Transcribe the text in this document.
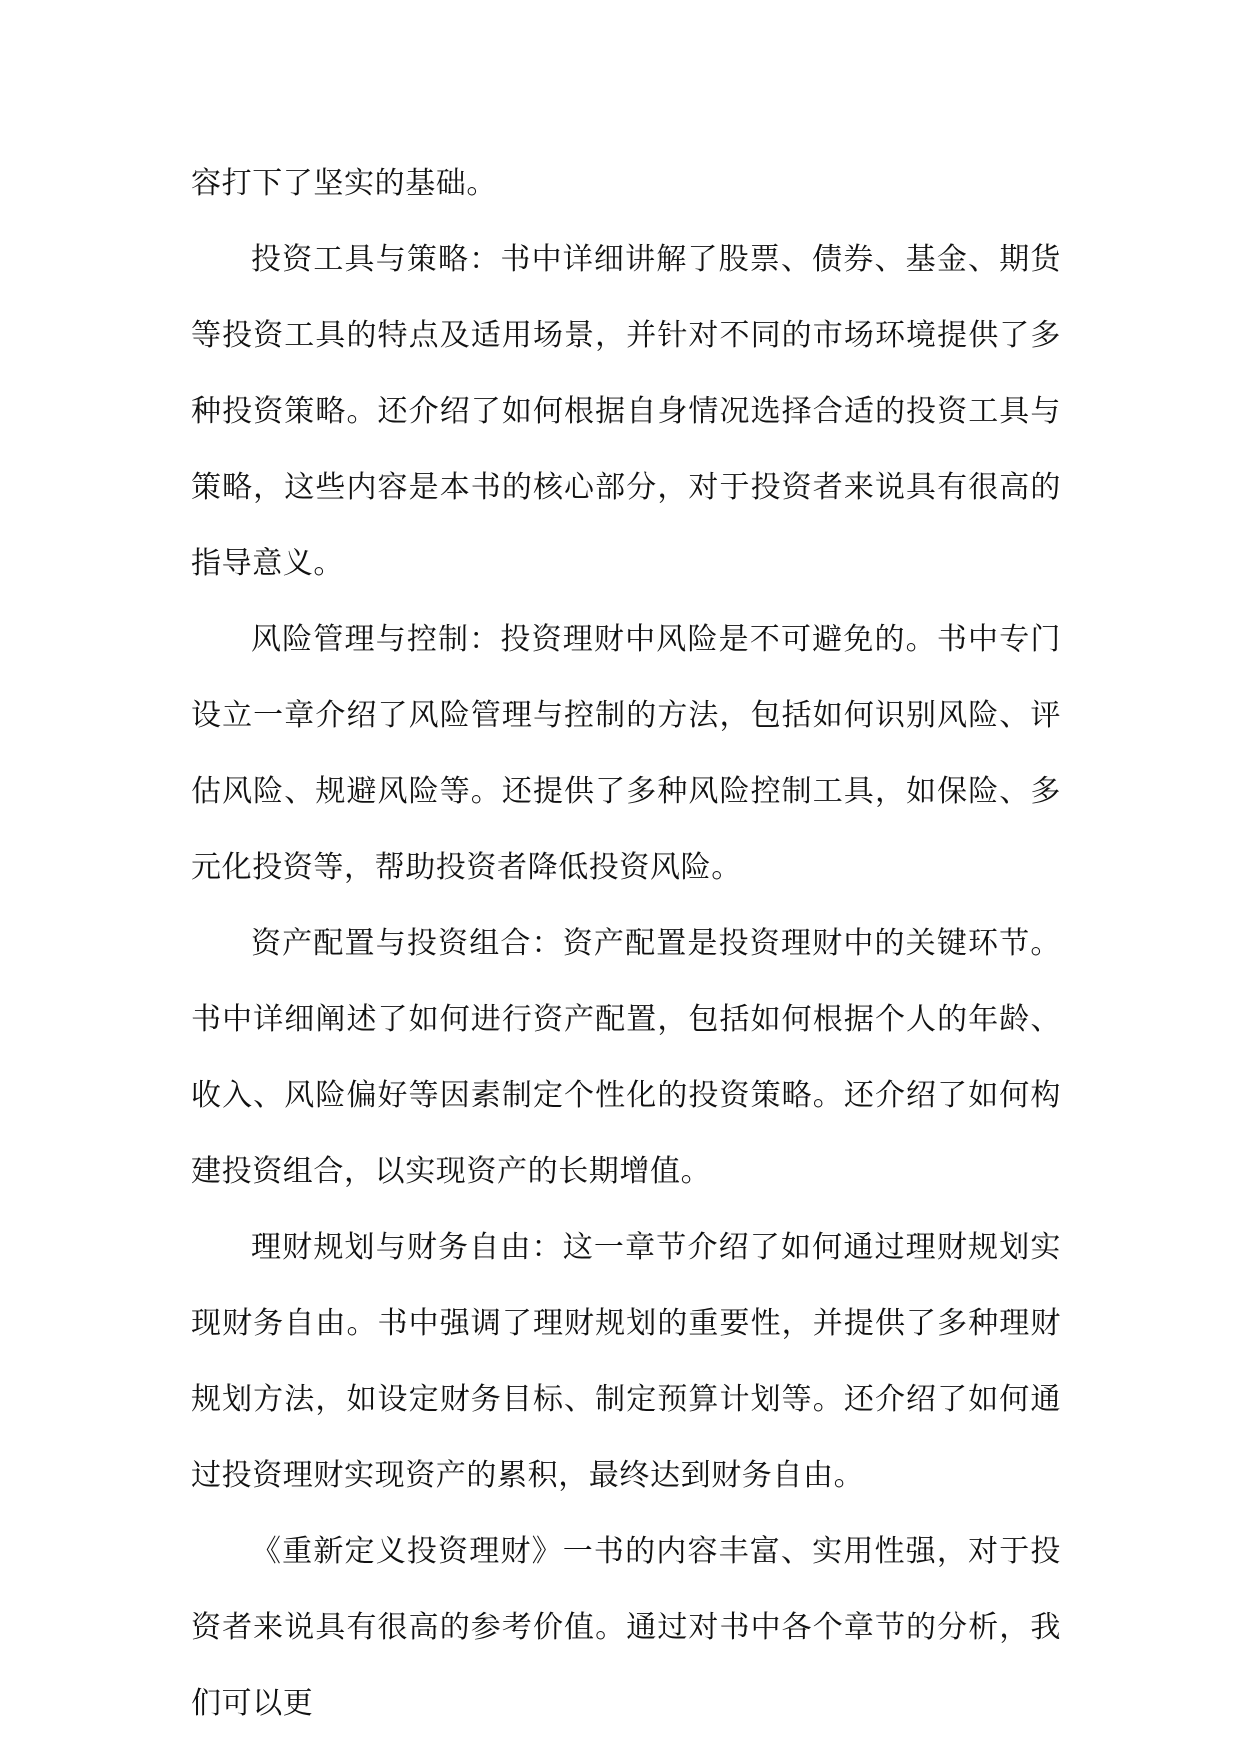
容打下了坚实的基础。

投资工具与策略：书中详细讲解了股票、债券、基金、期货等投资工具的特点及适用场景，并针对不同的市场环境提供了多种投资策略。还介绍了如何根据自身情况选择合适的投资工具与策略，这些内容是本书的核心部分，对于投资者来说具有很高的指导意义。

风险管理与控制：投资理财中风险是不可避免的。书中专门设立一章介绍了风险管理与控制的方法，包括如何识别风险、评估风险、规避风险等。还提供了多种风险控制工具，如保险、多元化投资等，帮助投资者降低投资风险。

资产配置与投资组合：资产配置是投资理财中的关键环节。书中详细阐述了如何进行资产配置，包括如何根据个人的年龄、收入、风险偏好等因素制定个性化的投资策略。还介绍了如何构建投资组合，以实现资产的长期增值。

理财规划与财务自由：这一章节介绍了如何通过理财规划实现财务自由。书中强调了理财规划的重要性，并提供了多种理财规划方法，如设定财务目标、制定预算计划等。还介绍了如何通过投资理财实现资产的累积，最终达到财务自由。

《重新定义投资理财》一书的内容丰富、实用性强，对于投资者来说具有很高的参考价值。通过对书中各个章节的分析，我们可以更
